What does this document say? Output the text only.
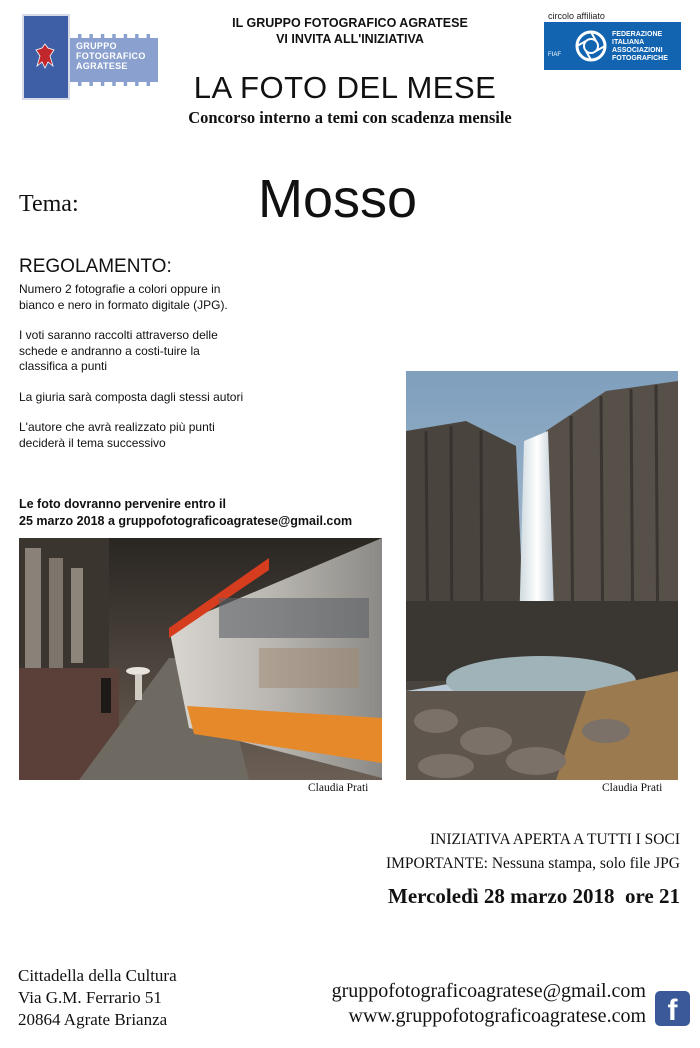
GRUPPO
FOTOGRAFICO
AGRATESE
IL GRUPPO FOTOGRAFICO AGRATESE
VI INVITA ALL'INIZIATIVA
circolo affiliato
FIAF
FEDERAZIONE
ITALIANA
ASSOCIAZIONI
FOTOGRAFICHE
LA FOTO DEL MESE
Concorso interno a temi con scadenza mensile
Tema:	Mosso
REGOLAMENTO:

Numero 2 fotografie a colori oppure in bianco e nero in formato digitale (JPG).

I voti saranno raccolti attraverso delle schede e andranno a costi-tuire la classifica a punti

La giuria sarà composta dagli stessi autori

L'autore che avrà realizzato più punti deciderà il tema successivo

Le foto dovranno pervenire entro il
25 marzo 2018 a gruppofotograficoagratese@gmail.com
Claudia Prati	Claudia Prati
INIZIATIVA APERTA A TUTTI I SOCI
IMPORTANTE: Nessuna stampa, solo file JPG
Mercoledì 28 marzo 2018  ore 21
Cittadella della Cultura
Via G.M. Ferrario 51
20864 Agrate Brianza
gruppofotograficoagratese@gmail.com
www.gruppofotograficoagratese.com f
